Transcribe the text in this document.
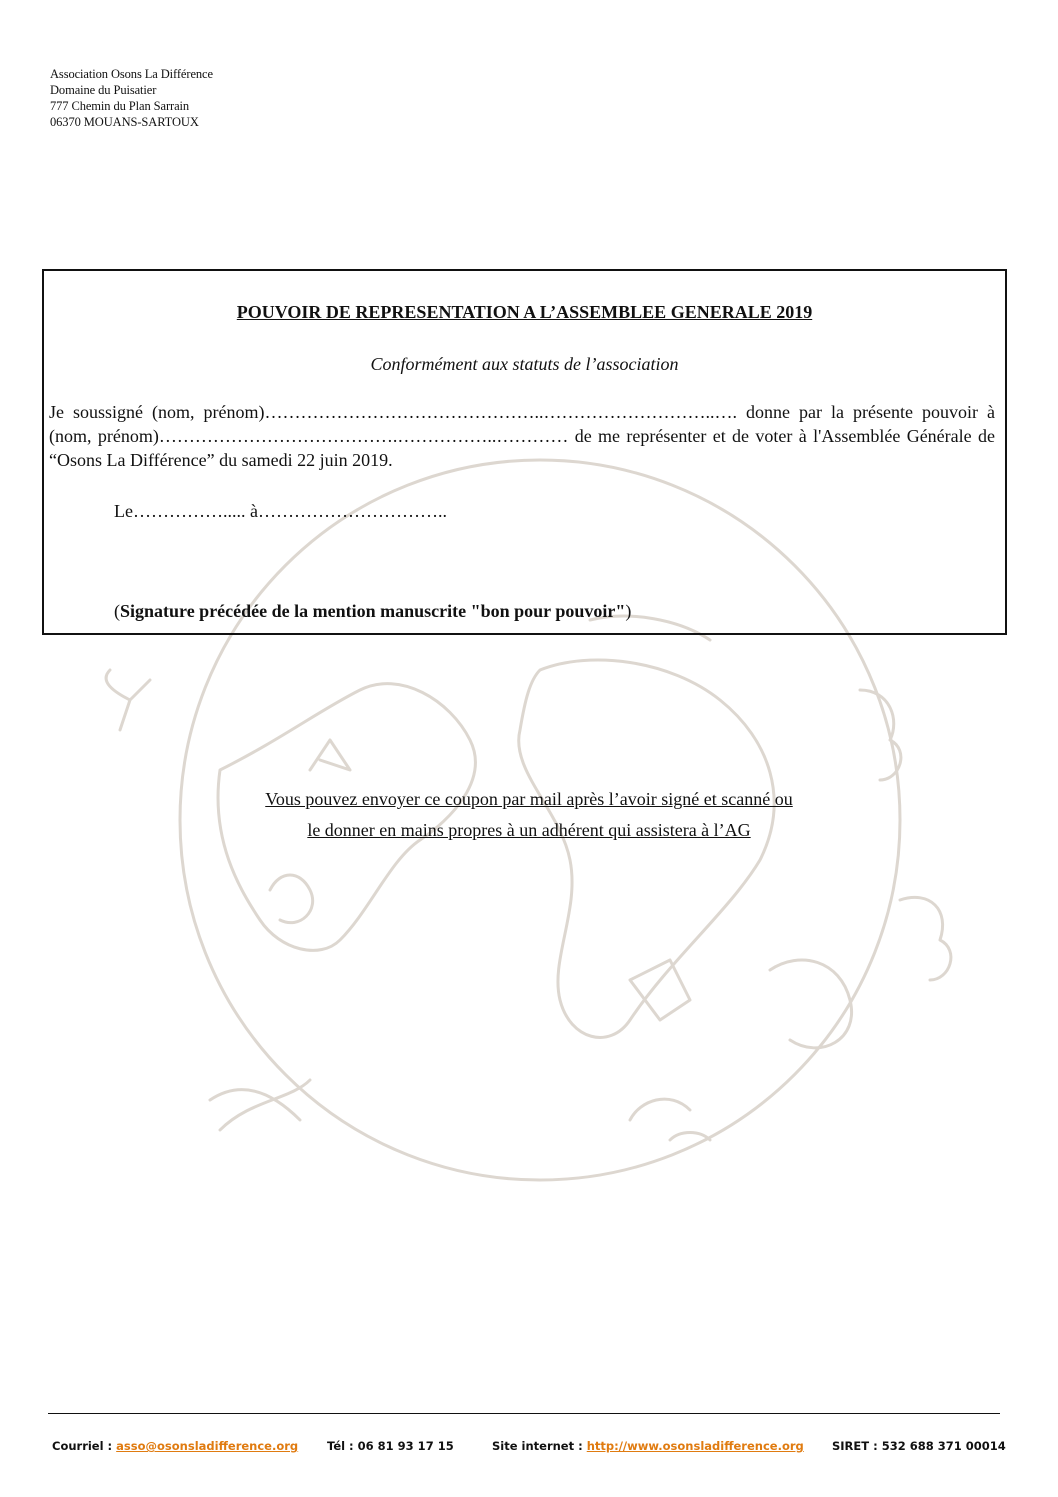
Association Osons La Différence
Domaine du Puisatier
777 Chemin du Plan Sarrain
06370 MOUANS-SARTOUX
POUVOIR DE REPRESENTATION A L’ASSEMBLEE GENERALE 2019
Conformément aux statuts de l’association
Je soussigné (nom, prénom)………………………………………..………………………..…. donne par la présente pouvoir à (nom, prénom)………………………………….……………..………… de me représenter et de voter à l'Assemblée Générale de “Osons La Différence” du samedi 22 juin 2019.
Le……………..... à…………………………..
(Signature précédée de la mention manuscrite "bon pour pouvoir")
Vous pouvez envoyer ce coupon par mail après l’avoir signé et scanné ou
le donner en mains propres à un adhérent qui assistera à l’AG
Courriel : asso@osonsladifference.org	Tél : 06 81 93 17 15	Site internet : http://www.osonsladifference.org SIRET : 532 688 371 00014
